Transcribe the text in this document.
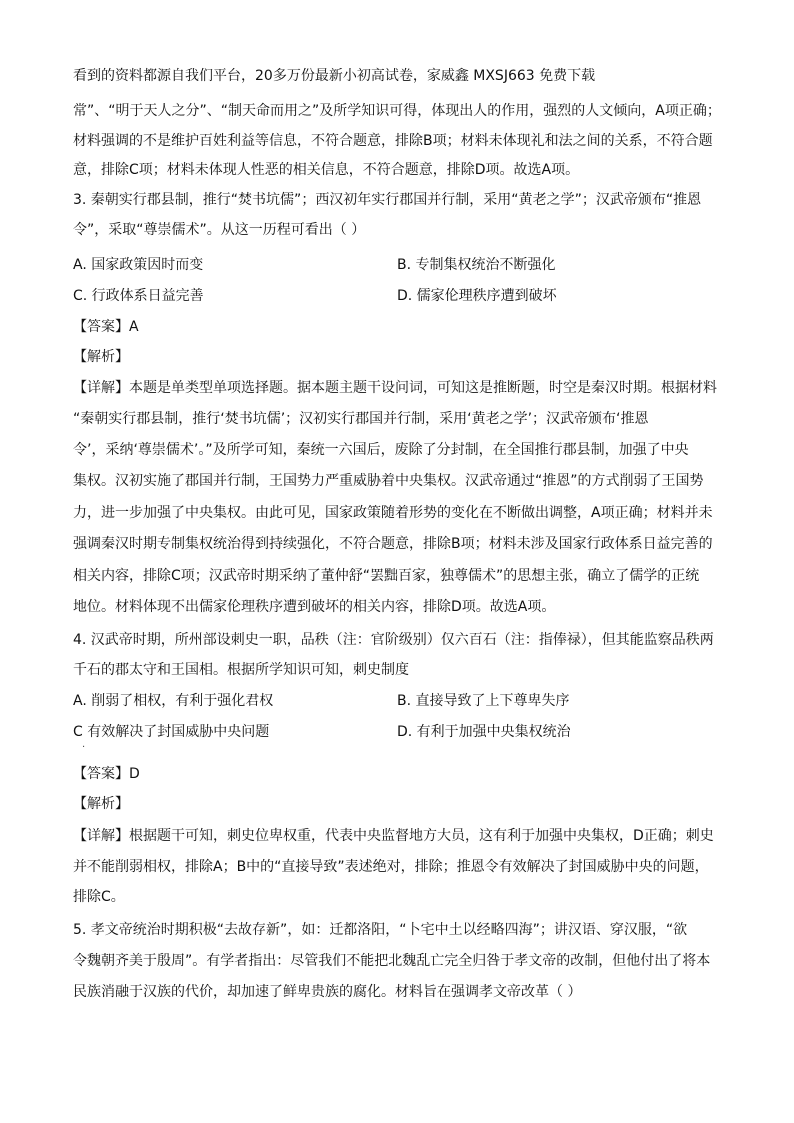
看到的资料都源自我们平台，20多万份最新小初高试卷，家威鑫 MXSJ663 免费下载
常”、“明于天人之分”、“制天命而用之”及所学知识可得，体现出人的作用，强烈的人文倾向，A项正确；
材料强调的不是维护百姓利益等信息，不符合题意，排除B项；材料未体现礼和法之间的关系，不符合题
意，排除C项；材料未体现人性恶的相关信息，不符合题意，排除D项。故选A项。
3. 秦朝实行郡县制，推行“焚书坑儒”；西汉初年实行郡国并行制，采用“黄老之学”；汉武帝颁布“推恩
令”，采取“尊崇儒术”。从这一历程可看出（ ）
A. 国家政策因时而变	B. 专制集权统治不断强化
C. 行政体系日益完善	D. 儒家伦理秩序遭到破坏
【答案】A
【解析】
【详解】本题是单类型单项选择题。据本题主题干设问词，可知这是推断题，时空是秦汉时期。根据材料
“秦朝实行郡县制，推行‘焚书坑儒’；汉初实行郡国并行制，采用‘黄老之学’；汉武帝颁布‘推恩
令’，采纳‘尊崇儒术’。”及所学可知，秦统一六国后，废除了分封制，在全国推行郡县制，加强了中央
集权。汉初实施了郡国并行制，王国势力严重威胁着中央集权。汉武帝通过“推恩”的方式削弱了王国势
力，进一步加强了中央集权。由此可见，国家政策随着形势的变化在不断做出调整，A项正确；材料并未
强调秦汉时期专制集权统治得到持续强化，不符合题意，排除B项；材料未涉及国家行政体系日益完善的
相关内容，排除C项；汉武帝时期采纳了董仲舒“罢黜百家，独尊儒术”的思想主张，确立了儒学的正统
地位。材料体现不出儒家伦理秩序遭到破坏的相关内容，排除D项。故选A项。
4. 汉武帝时期，所州部设刺史一职，品秩（注：官阶级别）仅六百石（注：指俸禄），但其能监察品秩两
千石的郡太守和王国相。根据所学知识可知，刺史制度
A. 削弱了相权，有利于强化君权	B. 直接导致了上下尊卑失序
C 有效解决了封国威胁中央问题	D. 有利于加强中央集权统治
·
【答案】D
【解析】
【详解】根据题干可知，刺史位卑权重，代表中央监督地方大员，这有利于加强中央集权，D正确；刺史
并不能削弱相权，排除A；B中的“直接导致”表述绝对，排除；推恩令有效解决了封国威胁中央的问题，
排除C。
5. 孝文帝统治时期积极“去故存新”，如：迁都洛阳，“卜宅中土以经略四海”；讲汉语、穿汉服，“欲
令魏朝齐美于殷周”。有学者指出：尽管我们不能把北魏乱亡完全归咎于孝文帝的改制，但他付出了将本
民族消融于汉族的代价，却加速了鲜卑贵族的腐化。材料旨在强调孝文帝改革（ ）
